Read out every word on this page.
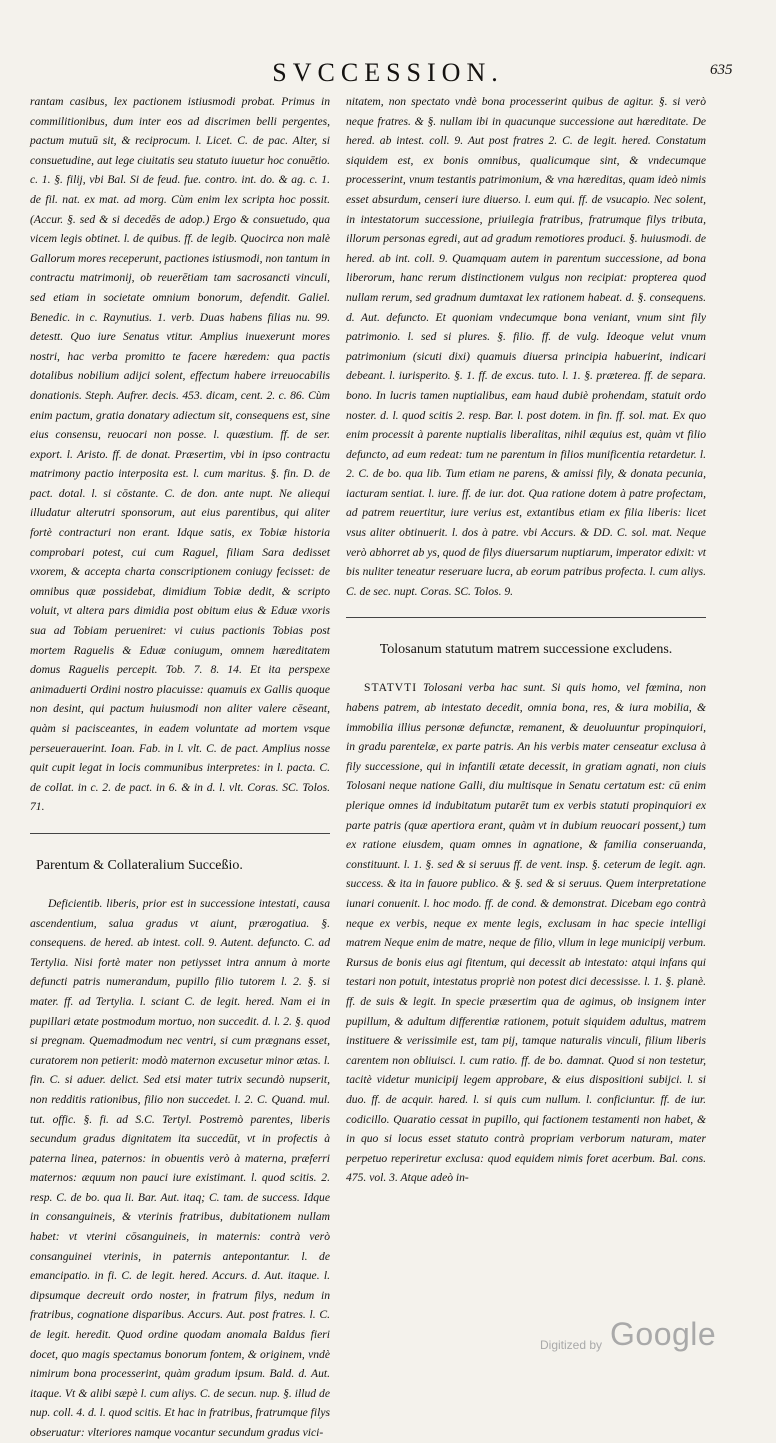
SVCCESSION.	635

rantam casibus, lex pactionem istiusmodi probat. Primus in commilitionibus, dum inter eos ad discrimen belli pergentes, pactum mutuū sit, & reciprocum. l. Licet. C. de pac. Alter, si consuetudine, aut lege ciuitatis seu statuto iuuetur hoc conuētio. c. 1. §. filij, vbi Bal. Si de feud. fue. contro. int. do. & ag. c. 1. de fil. nat. ex mat. ad morg. Cùm enim lex scripta hoc possit. (Accur. §. sed & si decedēs de adop.) Ergo & consuetudo, qua vicem legis obtinet. l. de quibus. ff. de legib. Quocirca non malè Gallorum mores receperunt, pactiones istiusmodi, non tantum in contractu matrimonij, ob reuerētiam tam sacrosancti vinculi, sed etiam in societate omnium bonorum, defendit. Galiel. Benedic. in c. Raynutius. 1. verb. Duas habens filias nu. 99. detestt. Quo iure Senatus vtitur. Amplius inuexerunt mores nostri, hac verba promitto te facere hæredem: qua pactis dotalibus nobilium adijci solent, effectum habere irreuocabilis donationis. Steph. Aufrer. decis. 453. dicam, cent. 2. c. 86. Cùm enim pactum, gratia donatary adiectum sit, consequens est, sine eius consensu, reuocari non posse. l. quæstium. ff. de ser. export. l. Aristo. ff. de donat. Præsertim, vbi in ipso contractu matrimony pactio interposita est. l. cum maritus. §. fin. D. de pact. dotal. l. si cōstante. C. de don. ante nupt. Ne aliequi illudatur alterutri sponsorum, aut eius parentibus, qui aliter fortè contracturi non erant. Idque satis, ex Tobiæ historia comprobari potest, cui cum Raguel, filiam Sara dedisset vxorem, & accepta charta conscriptionem coniugy fecisset: de omnibus quæ possidebat, dimidium Tobiæ dedit, & scripto voluit, vt altera pars dimidia post obitum eius & Eduæ vxoris sua ad Tobiam perueniret: vi cuius pactionis Tobias post mortem Raguelis & Eduæ coniugum, omnem hæreditatem domus Raguelis percepit. Tob. 7. 8. 14. Et ita perspexe animaduerti Ordini nostro placuisse: quamuis ex Gallis quoque non desint, qui pactum huiusmodi non aliter valere cēseant, quàm si pacisceantes, in eadem voluntate ad mortem vsque perseuerauerint. Ioan. Fab. in l. vlt. C. de pact. Amplius nosse quit cupit legat in locis communibus interpretes: in l. pacta. C. de collat. in c. 2. de pact. in 6. & in d. l. vlt. Coras. SC. Tolos. 71.

Parentum & Collateralium Succeßio.

Deficientib. liberis, prior est in successione intestati, causa ascendentium, salua gradus vt aiunt, prærogatiua. §. consequens. de hered. ab intest. coll. 9. Autent. defuncto. C. ad Tertylia. Nisi fortè mater non petiysset intra annum à morte defuncti patris numerandum, pupillo filio tutorem l. 2. §. si mater. ff. ad Tertylia. l. sciant C. de legit. hered. Nam ei in pupillari ætate postmodum mortuo, non succedit. d. l. 2. §. quod si pregnam. Quemadmodum nec ventri, si cum prægnans esset, curatorem non petierit: modò maternon excusetur minor ætas. l. fin. C. si aduer. delict. Sed etsi mater tutrix secundò nupserit, non redditis rationibus, filio non succedet. l. 2. C. Quand. mul. tut. offic. §. fi. ad S.C. Tertyl. Postremò parentes, liberis secundum gradus dignitatem ita succedūt, vt in profectis à paterna linea, paternos: in obuentis verò à materna, præferri maternos: æquum non pauci iure existimant. l. quod scitis. 2. resp. C. de bo. qua li. Bar. Aut. itaq; C. tam. de success. Idque in consanguineis, & vterinis fratribus, dubitationem nullam habet: vt vterini cōsanguineis, in maternis: contrà verò consanguinei vterinis, in paternis antepontantur. l. de emancipatio. in fi. C. de legit. hered. Accurs. d. Aut. itaque. l. dipsumque decreuit ordo noster, in fratrum filys, nedum in fratribus, cognatione disparibus. Accurs. Aut. post fratres. l. C. de legit. heredit. Quod ordine quodam anomala Baldus fieri docet, quo magis spectamus bonorum fontem, & originem, vndè nimirum bona processerint, quàm gradum ipsum. Bald. d. Aut. itaque. Vt & alibi sæpè l. cum aliys. C. de secun. nup. §. illud de nup. coll. 4. d. l. quod scitis. Et hac in fratribus, fratrumque filys obseruatur: vlteriores namque vocantur secundum gradus vici-

nitatem, non spectato vndè bona processerint quibus de agitur. §. si verò neque fratres. & §. nullam ibi in quacunque successione aut hæreditate. De hered. ab intest. coll. 9. Aut post fratres 2. C. de legit. hered. Constatum siquidem est, ex bonis omnibus, qualicumque sint, & vndecumque processerint, vnum testantis patrimonium, & vna hæreditas, quam ideò nimis esset absurdum, censeri iure diuerso. l. eum qui. ff. de vsucapio. Nec solent, in intestatorum successione, priuilegia fratribus, fratrumque filys tributa, illorum personas egredi, aut ad gradum remotiores produci. §. huiusmodi. de hered. ab int. coll. 9. Quamquam autem in parentum successione, ad bona liberorum, hanc rerum distinctionem vulgus non recipiat: propterea quod nullam rerum, sed gradnum dumtaxat lex rationem habeat. d. §. consequens. d. Aut. defuncto. Et quoniam vndecumque bona veniant, vnum sint fily patrimonio. l. sed si plures. §. filio. ff. de vulg. Ideoque velut vnum patrimonium (sicuti dixi) quamuis diuersa principia habuerint, indicari debeant. l. iurisperito. §. 1. ff. de excus. tuto. l. 1. §. præterea. ff. de separa. bono. In lucris tamen nuptialibus, eam haud dubiè prohendam, statuit ordo noster. d. l. quod scitis 2. resp. Bar. l. post dotem. in fin. ff. sol. mat. Ex quo enim processit à parente nuptialis liberalitas, nihil æquius est, quàm vt filio defuncto, ad eum redeat: tum ne parentum in filios munificentia retardetur. l. 2. C. de bo. qua lib. Tum etiam ne parens, & amissi fily, & donata pecunia, iacturam sentiat. l. iure. ff. de iur. dot. Qua ratione dotem à patre profectam, ad patrem reuertitur, iure verius est, extantibus etiam ex filia liberis: licet vsus aliter obtinuerit. l. dos à patre. vbi Accurs. & DD. C. sol. mat. Neque verò abhorret ab ys, quod de filys diuersarum nuptiarum, imperator edixit: vt bis nuliter teneatur reseruare lucra, ab eorum patribus profecta. l. cum aliys. C. de sec. nupt. Coras. SC. Tolos. 9.

Tolosanum statutum matrem successione excludens.

STATVTI Tolosani verba hac sunt. Si quis homo, vel fœmina, non habens patrem, ab intestato decedit, omnia bona, res, & iura mobilia, & immobilia illius personæ defunctæ, remanent, & deuoluuntur propinquiori, in gradu parentelæ, ex parte patris. An his verbis mater censeatur exclusa à fily successione, qui in infantili ætate decessit, in gratiam agnati, non ciuis Tolosani neque natione Galli, diu multisque in Senatu certatum est: cū enim plerique omnes id indubitatum putarēt tum ex verbis statuti propinquiori ex parte patris (quæ apertiora erant, quàm vt in dubium reuocari possent,) tum ex ratione eiusdem, quam omnes in agnatione, & familia conseruanda, constituunt. l. 1. §. sed & si seruus ff. de vent. insp. §. ceterum de legit. agn. success. & ita in fauore publico. & §. sed & si seruus. Quem interpretatione iunari conuenit. l. hoc modo. ff. de cond. & demonstrat. Dicebam ego contrà neque ex verbis, neque ex mente legis, exclusam in hac specie intelligi matrem Neque enim de matre, neque de filio, vllum in lege municipij verbum. Rursus de bonis eius agi fitentum, qui decessit ab intestato: atqui infans qui testari non potuit, intestatus propriè non potest dici decessisse. l. 1. §. planè. ff. de suis & legit. In specie præsertim qua de agimus, ob insignem inter pupillum, & adultum differentiæ rationem, potuit siquidem adultus, matrem instituere & verissimile est, tam pij, tamque naturalis vinculi, filium liberis carentem non obliuisci. l. cum ratio. ff. de bo. damnat. Quod si non testetur, tacitè videtur municipij legem approbare, & eius dispositioni subijci. l. si duo. ff. de acquir. hared. l. si quis cum nullum. l. conficiuntur. ff. de iur. codicillo. Quaratio cessat in pupillo, qui factionem testamenti non habet, & in quo si locus esset statuto contrà propriam verborum naturam, mater perpetuo reperiretur exclusa: quod equidem nimis foret acerbum. Bal. cons. 475. vol. 3. Atque adeò in-

Digitized by Google
